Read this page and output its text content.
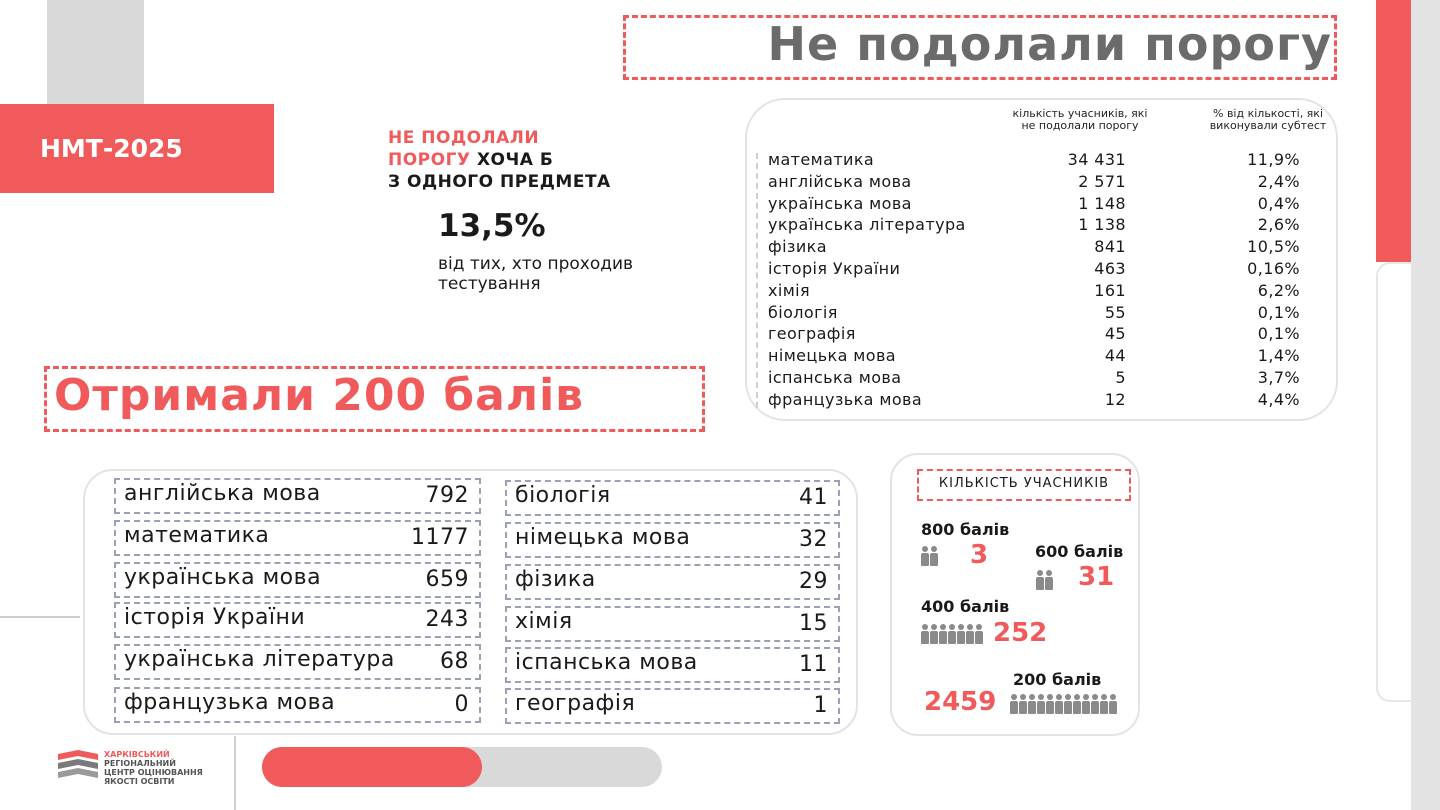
НМТ-2025
Не подолали порогу
НЕ ПОДОЛАЛИ
ПОРОГУ ХОЧА Б
З ОДНОГО ПРЕДМЕТА
13,5%
від тих, хто проходив
тестування
кількість учасників, які не подолали порогу
% від кількості, які виконували субтест
математика	34 431	11,9%
англійська мова	2 571	2,4%
українська мова	1 148	0,4%
українська література	1 138	2,6%
фізика	841	10,5%
історія України	463	0,16%
хімія	161	6,2%
біологія	55	0,1%
географія	45	0,1%
німецька мова	44	1,4%
іспанська мова	5	3,7%
французька мова	12	4,4%
Отримали 200 балів
англійська мова	792
математика	1177
українська мова	659
історія України	243
українська література 68
французька мова	0
біологія	41
німецька мова	32
фізика	29
хімія	15
іспанська мова	11
географія	1
КІЛЬКІСТЬ УЧАСНИКІВ
800 балів
3	600 балів
31
400 балів
252
200 балів
2459
ХАРКІВСЬКИЙ
РЕГІОНАЛЬНИЙ
ЦЕНТР ОЦІНЮВАННЯ
ЯКОСТІ ОСВІТИ
